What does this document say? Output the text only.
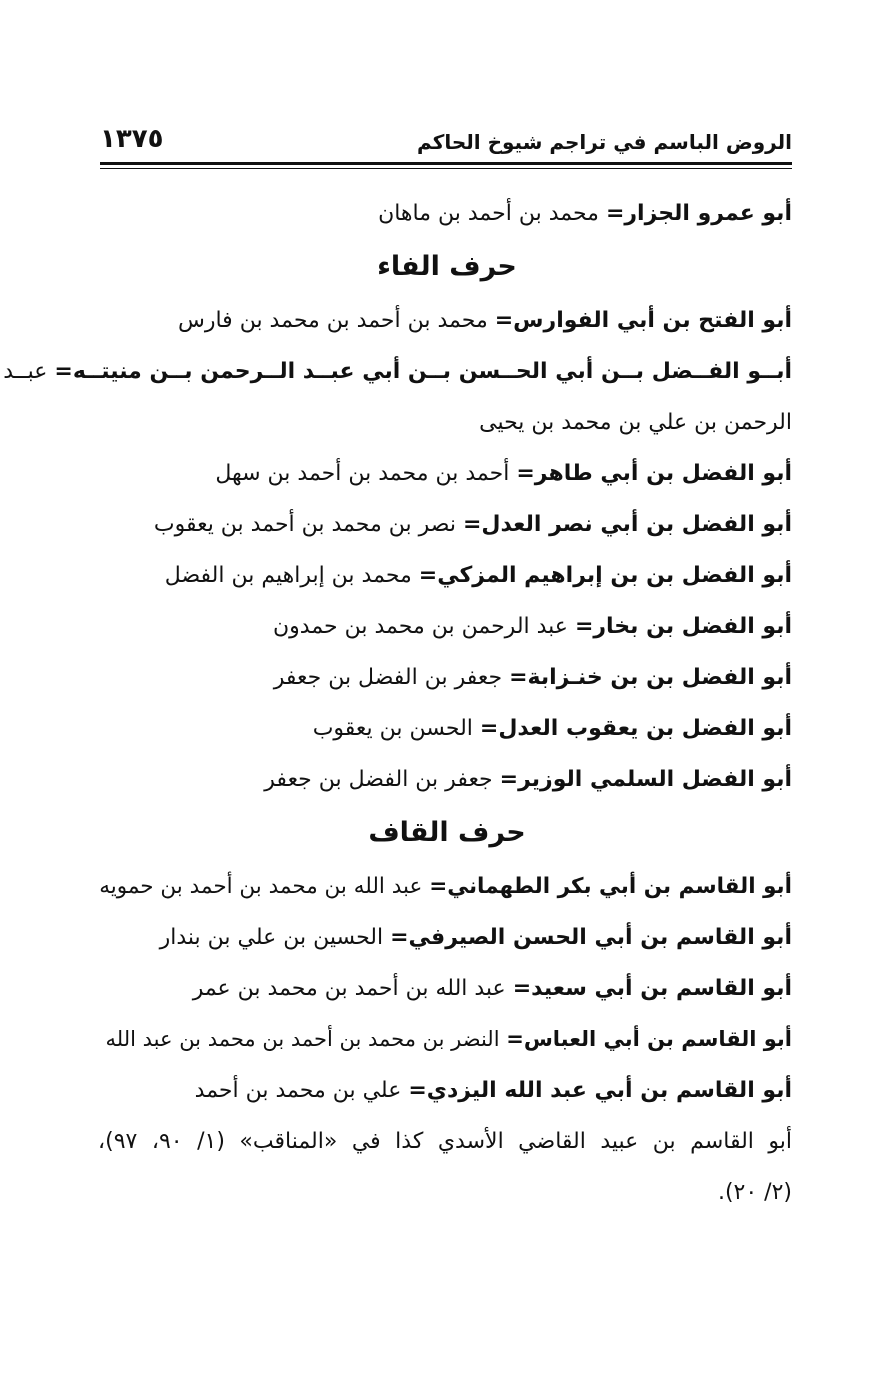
الروض الباسم في تراجم شيوخ الحاكم
١٣٧٥
أبو عمرو الجزار= محمد بن أحمد بن ماهان
حرف الفاء
أبو الفتح بن أبي الفوارس= محمد بن أحمد بن محمد بن فارس
أبــو الفــضل بــن أبي الحــسن بــن أبي عبــد الــرحمن بــن منيتــه= عبــد
الرحمن بن علي بن محمد بن يحيى
أبو الفضل بن أبي طاهر= أحمد بن محمد بن أحمد بن سهل
أبو الفضل بن أبي نصر العدل= نصر بن محمد بن أحمد بن يعقوب
أبو الفضل بن بن إبراهيم المزكي= محمد بن إبراهيم بن الفضل
أبو الفضل بن بخار= عبد الرحمن بن محمد بن حمدون
أبو الفضل بن بن خنـزابة= جعفر بن الفضل بن جعفر
أبو الفضل بن يعقوب العدل= الحسن بن يعقوب
أبو الفضل السلمي الوزير= جعفر بن الفضل بن جعفر
حرف القاف
أبو القاسم بن أبي بكر الطهماني= عبد الله بن محمد بن أحمد بن حمويه
أبو القاسم بن أبي الحسن الصيرفي= الحسين بن علي بن بندار
أبو القاسم بن أبي سعيد= عبد الله بن أحمد بن محمد بن عمر
أبو القاسم بن أبي العباس= النضر بن محمد بن أحمد بن محمد بن عبد الله
أبو القاسم بن أبي عبد الله اليزدي= علي بن محمد بن أحمد
أبو القاسم بن عبيد القاضي الأسدي كذا في «المناقب» (١/ ٩٠، ٩٧)،
(٢/ ٢٠).
